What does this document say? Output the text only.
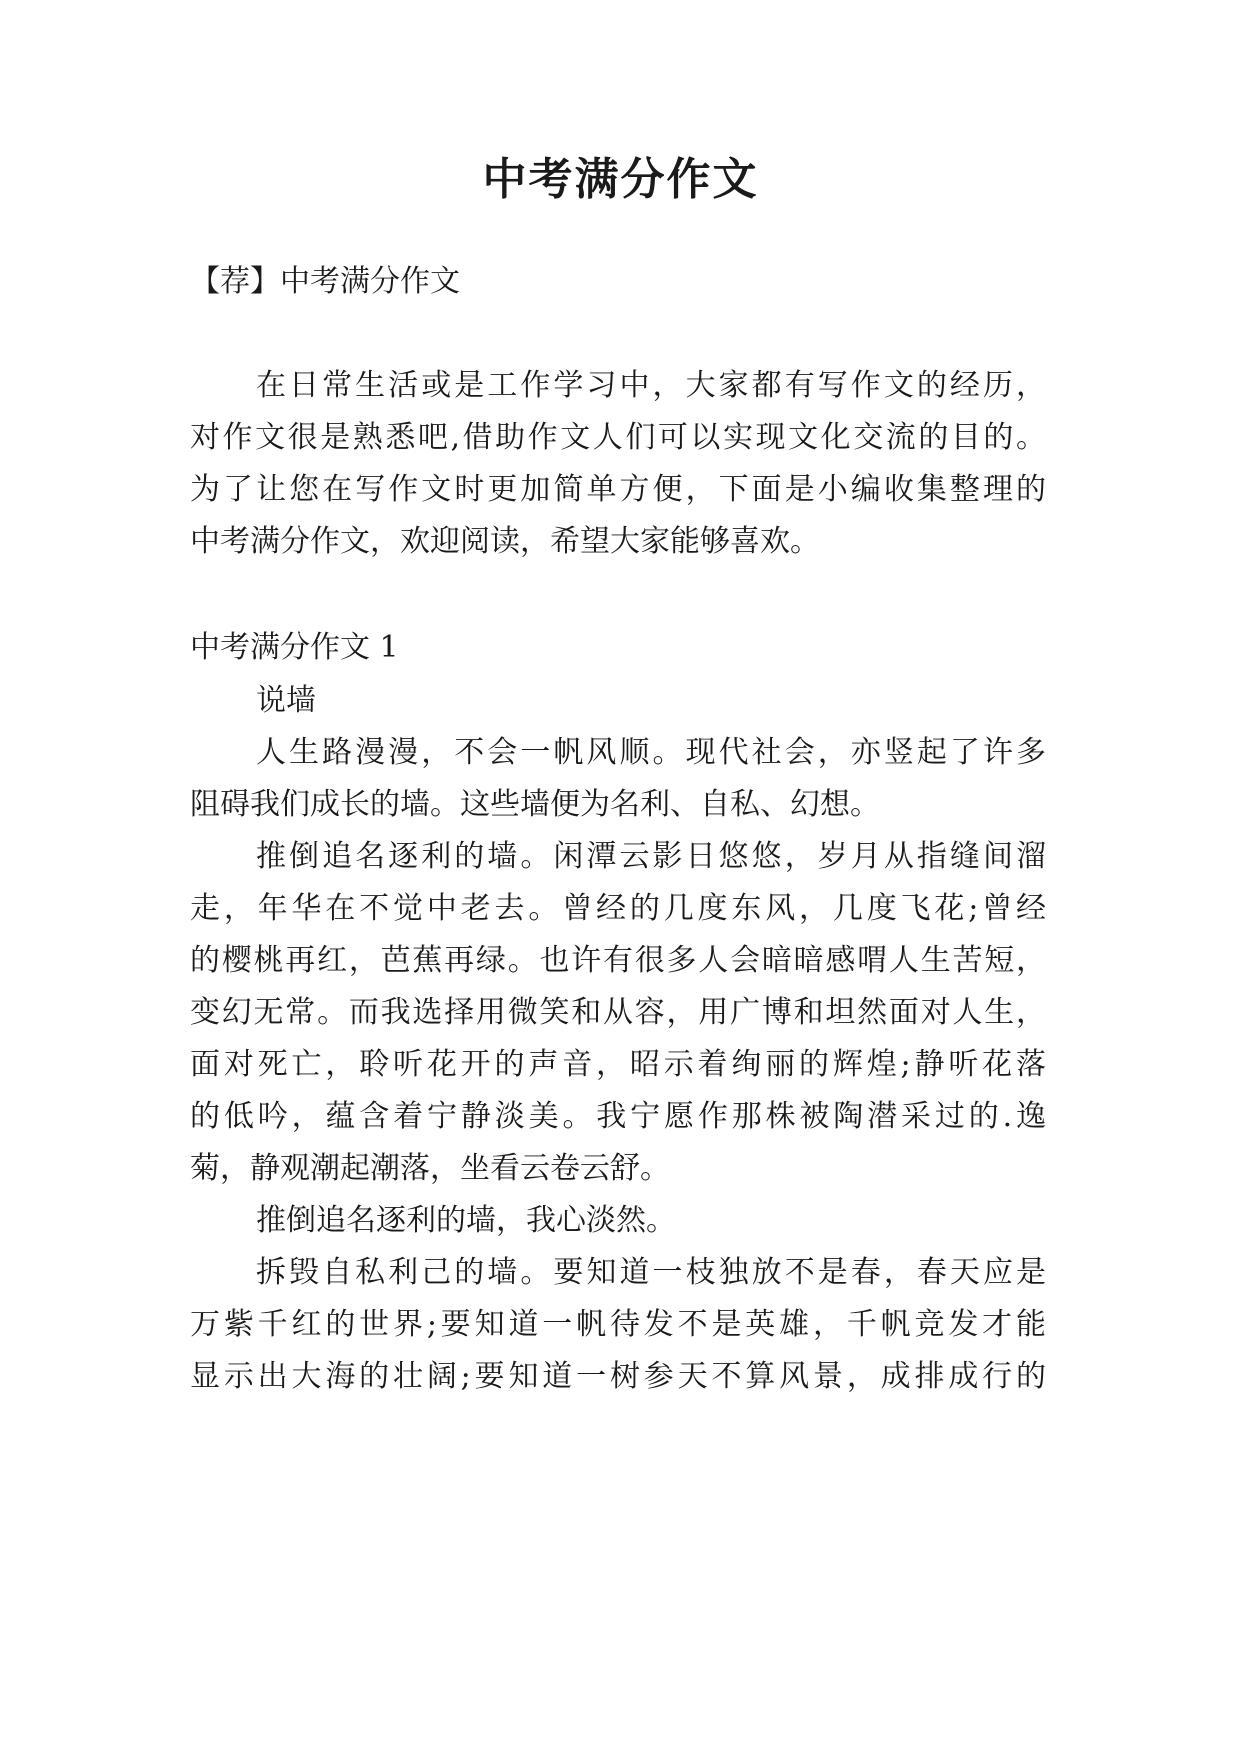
中考满分作文
【荐】中考满分作文
在日常生活或是工作学习中，大家都有写作文的经历，
对作文很是熟悉吧,借助作文人们可以实现文化交流的目的。
为了让您在写作文时更加简单方便，下面是小编收集整理的
中考满分作文，欢迎阅读，希望大家能够喜欢。
中考满分作文 1
说墙
人生路漫漫，不会一帆风顺。现代社会，亦竖起了许多
阻碍我们成长的墙。这些墙便为名利、自私、幻想。
推倒追名逐利的墙。闲潭云影日悠悠，岁月从指缝间溜
走，年华在不觉中老去。曾经的几度东风，几度飞花;曾经
的樱桃再红，芭蕉再绿。也许有很多人会暗暗感喟人生苦短，
变幻无常。而我选择用微笑和从容，用广博和坦然面对人生，
面对死亡，聆听花开的声音，昭示着绚丽的辉煌;静听花落
的低吟，蕴含着宁静淡美。我宁愿作那株被陶潜采过的.逸
菊，静观潮起潮落，坐看云卷云舒。
推倒追名逐利的墙，我心淡然。
拆毁自私利己的墙。要知道一枝独放不是春，春天应是
万紫千红的世界;要知道一帆待发不是英雄，千帆竞发才能
显示出大海的壮阔;要知道一树参天不算风景，成排成行的
